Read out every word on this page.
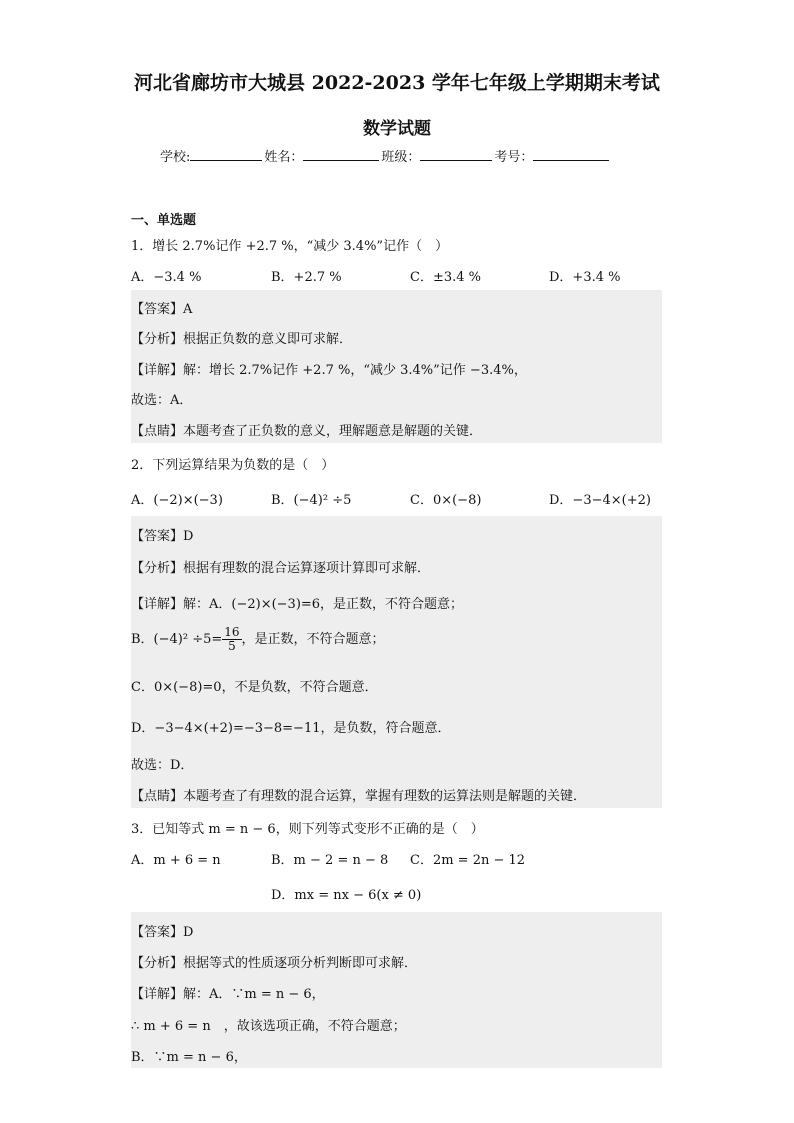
河北省廊坊市大城县 2022-2023 学年七年级上学期期末考试
数学试题
学校:	姓名：	班级：	考号：
一、单选题
1．增长 2.7%记作 +2.7 %，“减少 3.4%”记作（　）
A．−3.4 %	B．+2.7 %	C．±3.4 %	D．+3.4 %
【答案】A
【分析】根据正负数的意义即可求解．
【详解】解：增长 2.7%记作 +2.7 %，“减少 3.4%”记作 −3.4%，
故选：A．
【点睛】本题考查了正负数的意义，理解题意是解题的关键．
2．下列运算结果为负数的是（　）
A．(−2)×(−3)	B．(−4)² ÷5	C．0×(−8)	D．−3−4×(+2)
【答案】D
【分析】根据有理数的混合运算逐项计算即可求解．
【详解】解：A．(−2)×(−3)=6，是正数，不符合题意；
B．$(-4)^2 \div 5= \frac{16}{5}$ ，是正数，不符合题意；
C．0×(−8)=0，不是负数，不符合题意．
D．−3−4×(+2)=−3−8=−11，是负数，符合题意．
故选：D．
【点睛】本题考查了有理数的混合运算，掌握有理数的运算法则是解题的关键．
3．已知等式 m = n − 6，则下列等式变形不正确的是（　）
A．m + 6 = n	B．m − 2 = n − 8 C．2m = 2n − 12
D．mx = nx − 6(x ≠ 0)
【答案】D
【分析】根据等式的性质逐项分析判断即可求解．
【详解】解：A．∵m = n − 6，
∴ m + 6 = n　，故该选项正确，不符合题意；
B．∵m = n − 6，
